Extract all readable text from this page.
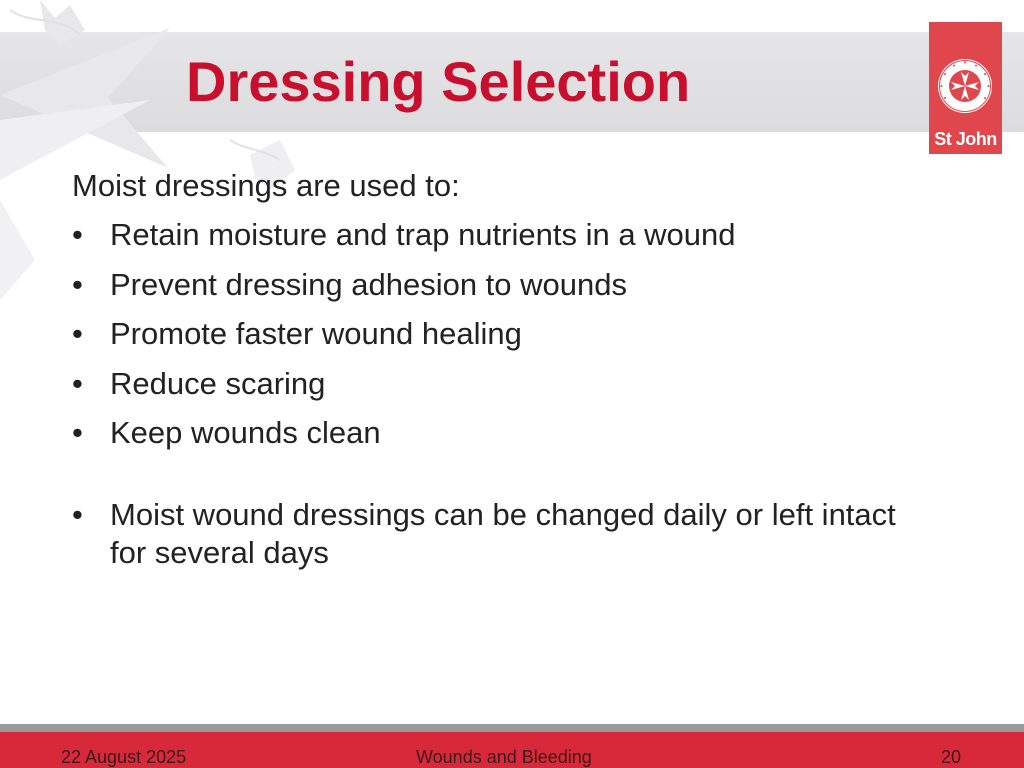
Dressing Selection
St John

Moist dressings are used to:

• Retain moisture and trap nutrients in a wound
• Prevent dressing adhesion to wounds
• Promote faster wound healing
• Reduce scaring
• Keep wounds clean
• Moist wound dressings can be changed daily or left intact for several days
22 August 2025	Wounds and Bleeding	20
